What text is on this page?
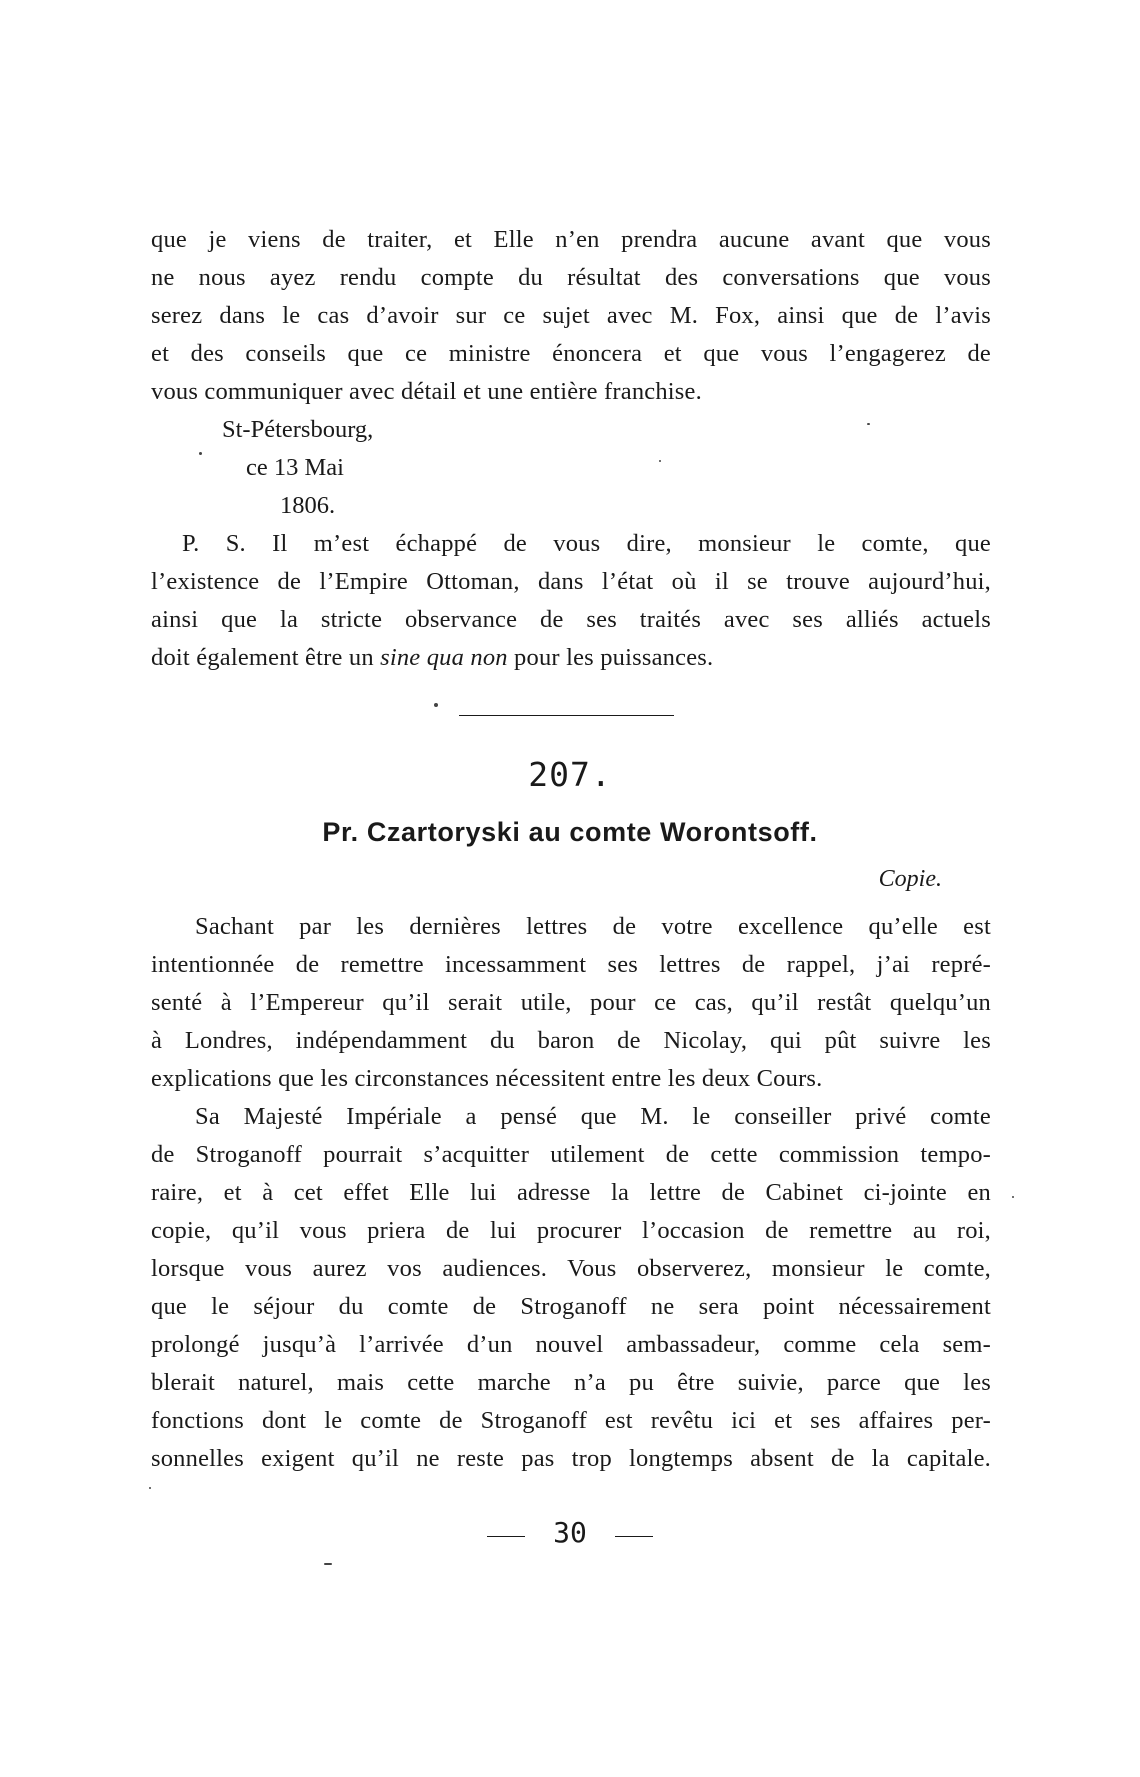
que je viens de traiter, et Elle n’en prendra aucune avant que vous
ne nous ayez rendu compte du résultat des conversations que vous
serez dans le cas d’avoir sur ce sujet avec M. Fox, ainsi que de l’avis
et des conseils que ce ministre énoncera et que vous l’engagerez de
vous communiquer avec détail et une entière franchise.
St-Pétersbourg,
ce 13 Mai
1806.
P. S. Il m’est échappé de vous dire, monsieur le comte, que
l’existence de l’Empire Ottoman, dans l’état où il se trouve aujourd’hui,
ainsi que la stricte observance de ses traités avec ses alliés actuels
doit également être un sine qua non pour les puissances.
207.
Pr. Czartoryski au comte Worontsoff.
Copie.
Sachant par les dernières lettres de votre excellence qu’elle est
intentionnée de remettre incessamment ses lettres de rappel, j’ai repré-
senté à l’Empereur qu’il serait utile, pour ce cas, qu’il restât quelqu’un
à Londres, indépendamment du baron de Nicolay, qui pût suivre les
explications que les circonstances nécessitent entre les deux Cours.
Sa Majesté Impériale a pensé que M. le conseiller privé comte
de Stroganoff pourrait s’acquitter utilement de cette commission tempo-
raire, et à cet effet Elle lui adresse la lettre de Cabinet ci-jointe en
copie, qu’il vous priera de lui procurer l’occasion de remettre au roi,
lorsque vous aurez vos audiences. Vous observerez, monsieur le comte,
que le séjour du comte de Stroganoff ne sera point nécessairement
prolongé jusqu’à l’arrivée d’un nouvel ambassadeur, comme cela sem-
blerait naturel, mais cette marche n’a pu être suivie, parce que les
fonctions dont le comte de Stroganoff est revêtu ici et ses affaires per-
sonnelles exigent qu’il ne reste pas trop longtemps absent de la capitale.
30
